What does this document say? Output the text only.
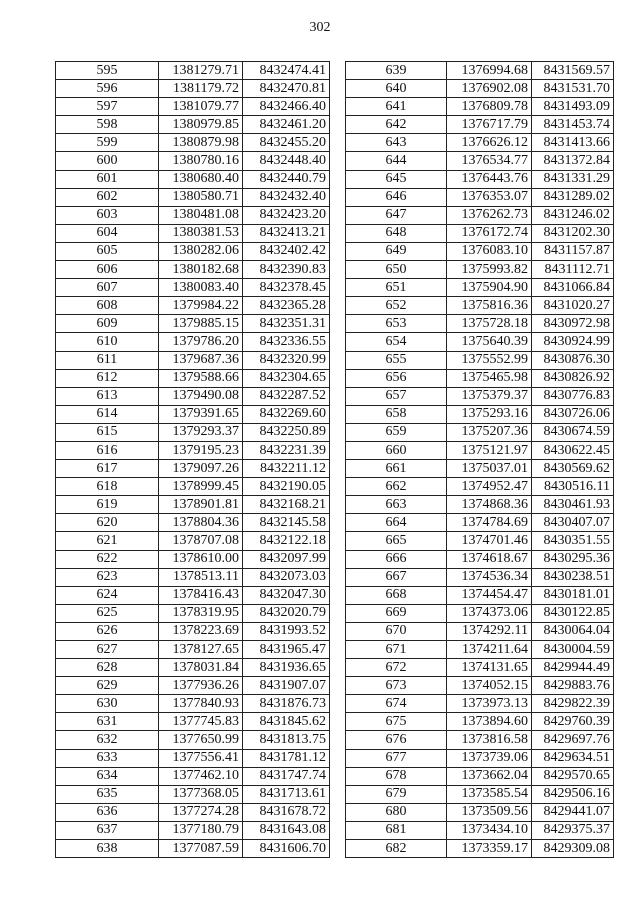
302
595	1381279.71	8432474.41
596	1381179.72	8432470.81
597	1381079.77	8432466.40
598	1380979.85	8432461.20
599	1380879.98	8432455.20
600	1380780.16	8432448.40
601	1380680.40	8432440.79
602	1380580.71	8432432.40
603	1380481.08	8432423.20
604	1380381.53	8432413.21
605	1380282.06	8432402.42
606	1380182.68	8432390.83
607	1380083.40	8432378.45
608	1379984.22	8432365.28
609	1379885.15	8432351.31
610	1379786.20	8432336.55
611	1379687.36	8432320.99
612	1379588.66	8432304.65
613	1379490.08	8432287.52
614	1379391.65	8432269.60
615	1379293.37	8432250.89
616	1379195.23	8432231.39
617	1379097.26	8432211.12
618	1378999.45	8432190.05
619	1378901.81	8432168.21
620	1378804.36	8432145.58
621	1378707.08	8432122.18
622	1378610.00	8432097.99
623	1378513.11	8432073.03
624	1378416.43	8432047.30
625	1378319.95	8432020.79
626	1378223.69	8431993.52
627	1378127.65	8431965.47
628	1378031.84	8431936.65
629	1377936.26	8431907.07
630	1377840.93	8431876.73
631	1377745.83	8431845.62
632	1377650.99	8431813.75
633	1377556.41	8431781.12
634	1377462.10	8431747.74
635	1377368.05	8431713.61
636	1377274.28	8431678.72
637	1377180.79	8431643.08
638	1377087.59	8431606.70
639	1376994.68	8431569.57
640	1376902.08	8431531.70
641	1376809.78	8431493.09
642	1376717.79	8431453.74
643	1376626.12	8431413.66
644	1376534.77	8431372.84
645	1376443.76	8431331.29
646	1376353.07	8431289.02
647	1376262.73	8431246.02
648	1376172.74	8431202.30
649	1376083.10	8431157.87
650	1375993.82	8431112.71
651	1375904.90	8431066.84
652	1375816.36	8431020.27
653	1375728.18	8430972.98
654	1375640.39	8430924.99
655	1375552.99	8430876.30
656	1375465.98	8430826.92
657	1375379.37	8430776.83
658	1375293.16	8430726.06
659	1375207.36	8430674.59
660	1375121.97	8430622.45
661	1375037.01	8430569.62
662	1374952.47	8430516.11
663	1374868.36	8430461.93
664	1374784.69	8430407.07
665	1374701.46	8430351.55
666	1374618.67	8430295.36
667	1374536.34	8430238.51
668	1374454.47	8430181.01
669	1374373.06	8430122.85
670	1374292.11	8430064.04
671	1374211.64	8430004.59
672	1374131.65	8429944.49
673	1374052.15	8429883.76
674	1373973.13	8429822.39
675	1373894.60	8429760.39
676	1373816.58	8429697.76
677	1373739.06	8429634.51
678	1373662.04	8429570.65
679	1373585.54	8429506.16
680	1373509.56	8429441.07
681	1373434.10	8429375.37
682	1373359.17	8429309.08
